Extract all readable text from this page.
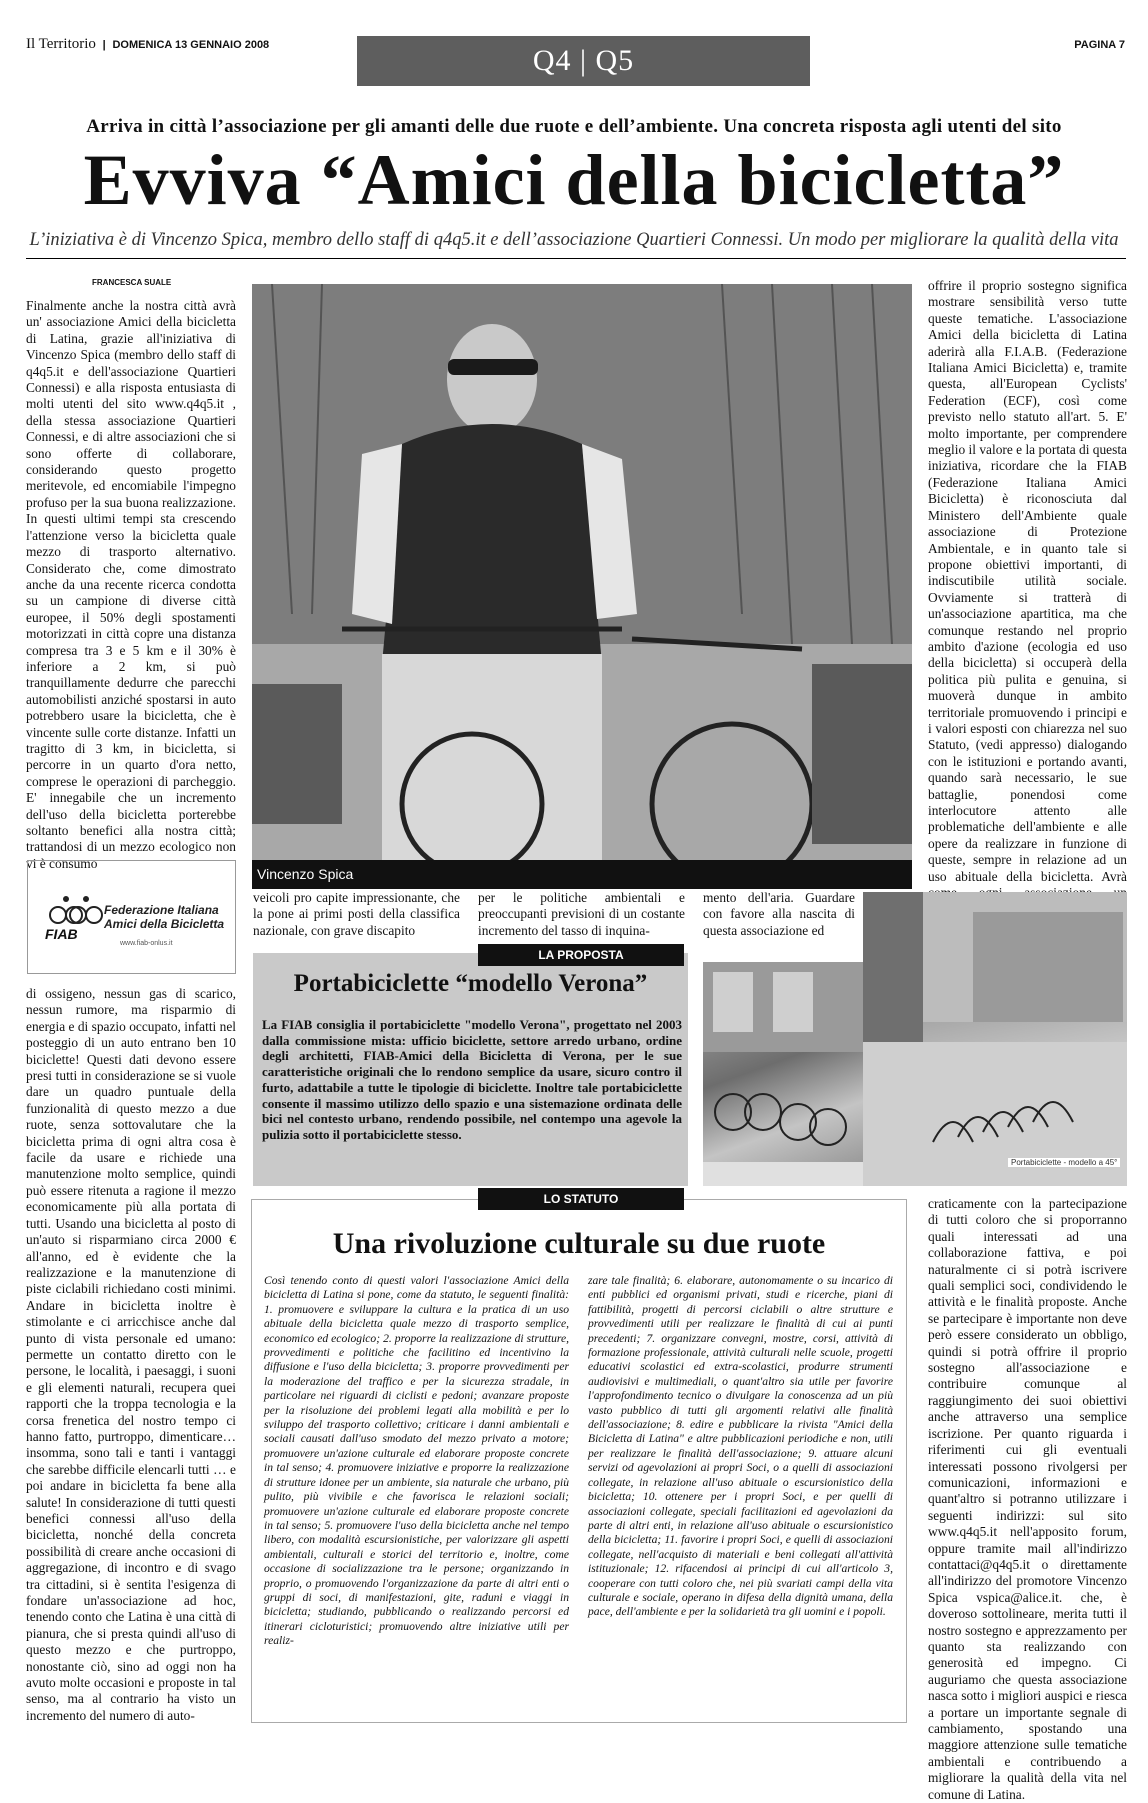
Il Territorio | DOMENICA 13 GENNAIO 2008	Q4 | Q5	PAGINA 7
Arriva in città l’associazione per gli amanti delle due ruote e dell’ambiente. Una concreta risposta agli utenti del sito
Evviva “Amici della bicicletta”
L’iniziativa è di Vincenzo Spica, membro dello staff di q4q5.it e dell’associazione Quartieri Connessi. Un modo per migliorare la qualità della vita
FRANCESCA SUALE
Finalmente anche la nostra città avrà un' associazione Amici della bicicletta di Latina, grazie all'iniziativa di Vincenzo Spica (membro dello staff di q4q5.it e dell'associazione Quartieri Connessi) e alla risposta entusiasta di molti utenti del sito www.q4q5.it , della stessa associazione Quartieri Connessi, e di altre associazioni che si sono offerte di collaborare, considerando questo progetto meritevole, ed encomiabile l'impegno profuso per la sua buona realizzazione. In questi ultimi tempi sta crescendo l'attenzione verso la bicicletta quale mezzo di trasporto alternativo. Considerato che, come dimostrato anche da una recente ricerca condotta su un campione di diverse città europee, il 50% degli spostamenti motorizzati in città copre una distanza compresa tra 3 e 5 km e il 30% è inferiore a 2 km, si può tranquillamente dedurre che parecchi automobilisti anziché spostarsi in auto potrebbero usare la bicicletta, che è vincente sulle corte distanze. Infatti un tragitto di 3 km, in bicicletta, si percorre in un quarto d'ora netto, comprese le operazioni di parcheggio. E' innegabile che un incremento dell'uso della bicicletta porterebbe soltanto benefici alla nostra città; trattandosi di un mezzo ecologico non vi è consumo
Vincenzo Spica
FIAB
Federazione Italiana
Amici della Bicicletta
www.fiab-onlus.it
di ossigeno, nessun gas di scarico, nessun rumore, ma risparmio di energia e di spazio occupato, infatti nel posteggio di un auto entrano ben 10 biciclette! Questi dati devono essere presi tutti in considerazione se si vuole dare un quadro puntuale della funzionalità di questo mezzo a due ruote, senza sottovalutare che la bicicletta prima di ogni altra cosa è facile da usare e richiede una manutenzione molto semplice, quindi può essere ritenuta a ragione il mezzo economicamente più alla portata di tutti. Usando una bicicletta al posto di un'auto si risparmiano circa 2000 € all'anno, ed è evidente che la realizzazione e la manutenzione di piste ciclabili richiedano costi minimi. Andare in bicicletta inoltre è stimolante e ci arricchisce anche dal punto di vista personale ed umano: permette un contatto diretto con le persone, le località, i paesaggi, i suoni e gli elementi naturali, recupera quei rapporti che la troppa tecnologia e la corsa frenetica del nostro tempo ci hanno fatto, purtroppo, dimenticare… insomma, sono tali e tanti i vantaggi che sarebbe difficile elencarli tutti … e poi andare in bicicletta fa bene alla salute! In considerazione di tutti questi benefici connessi all'uso della bicicletta, nonché della concreta possibilità di creare anche occasioni di aggregazione, di incontro e di svago tra cittadini, si è sentita l'esigenza di fondare un'associazione ad hoc, tenendo conto che Latina è una città di pianura, che si presta quindi all'uso di questo mezzo e che purtroppo, nonostante ciò, sino ad oggi non ha avuto molte occasioni e proposte in tal senso, ma al contrario ha visto un incremento del numero di auto-
veicoli pro capite impressionante, che la pone ai primi posti della classifica nazionale, con grave discapito
per le politiche ambientali e preoccupanti previsioni di un costante incremento del tasso di inquina-
mento dell'aria. Guardare con favore alla nascita di questa associazione ed
offrire il proprio sostegno significa mostrare sensibilità verso tutte queste tematiche. L'associazione Amici della bicicletta di Latina aderirà alla F.I.A.B. (Federazione Italiana Amici Bicicletta) e, tramite questa, all'European Cyclists' Federation (ECF), così come previsto nello statuto all'art. 5. E' molto importante, per comprendere meglio il valore e la portata di questa iniziativa, ricordare che la FIAB (Federazione Italiana Amici Bicicletta) è riconosciuta dal Ministero dell'Ambiente quale associazione di Protezione Ambientale, e in quanto tale si propone obiettivi importanti, di indiscutibile utilità sociale. Ovviamente si tratterà di un'associazione apartitica, ma che comunque restando nel proprio ambito d'azione (ecologia ed uso della bicicletta) si occuperà della politica più pulita e genuina, si muoverà dunque in ambito territoriale promuovendo i principi e i valori esposti con chiarezza nel suo Statuto, (vedi appresso) dialogando con le istituzioni e portando avanti, quando sarà necessario, le sue battaglie, ponendosi come interlocutore attento alle problematiche dell'ambiente e alle opere da realizzare in funzione di queste, sempre in relazione ad un uso abituale della bicicletta. Avrà
craticamente con la partecipazione di tutti coloro che si proporranno quali interessati ad una collaborazione fattiva, e poi naturalmente ci si potrà iscrivere quali semplici soci, condividendo le attività e le finalità proposte. Anche se partecipare è importante non deve però essere considerato un obbligo, quindi si potrà offrire il proprio sostegno all'associazione e contribuire comunque al raggiungimento dei suoi obiettivi anche attraverso una semplice iscrizione. Per quanto riguarda i riferimenti cui gli eventuali interessati possono rivolgersi per comunicazioni, informazioni e quant'altro si potranno utilizzare i seguenti indirizzi: sul sito www.q4q5.it nell'apposito forum, oppure tramite mail all'indirizzo contattaci@q4q5.it o direttamente all'indirizzo del promotore Vincenzo Spica vspica@alice.it. che, è doveroso sottolineare, merita tutti il nostro sostegno e apprezzamento per quanto sta realizzando con generosità ed impegno. Ci auguriamo che questa associazione nasca sotto i migliori auspici e riesca a portare un importante segnale di cambiamento, spostando una maggiore attenzione sulle tematiche ambientali e contribuendo a migliorare la qualità della vita nel comune di Latina.
LA PROPOSTA
Portabiciclette “modello Verona”
La FIAB consiglia il portabiciclette "modello Verona", progettato nel 2003 dalla commissione mista: ufficio biciclette, settore arredo urbano, ordine degli architetti, FIAB-Amici della Bicicletta di Verona, per le sue caratteristiche originali che lo rendono semplice da usare, sicuro contro il furto, adattabile a tutte le tipologie di biciclette. Inoltre tale portabiciclette consente il massimo utilizzo dello spazio e una sistemazione ordinata delle bici nel contesto urbano, rendendo possibile, nel contempo una agevole la pulizia sotto il portabiciclette stesso.
Portabiciclette - modello a 45°
LO STATUTO
Una rivoluzione culturale su due ruote
Così tenendo conto di questi valori l'associazione Amici della bicicletta di Latina si pone, come da statuto, le seguenti finalità: 1. promuovere e sviluppare la cultura e la pratica di un uso abituale della bicicletta quale mezzo di trasporto semplice, economico ed ecologico; 2. proporre la realizzazione di strutture, provvedimenti e politiche che facilitino ed incentivino la diffusione e l'uso della bicicletta; 3. proporre provvedimenti per la moderazione del traffico e per la sicurezza stradale, in particolare nei riguardi di ciclisti e pedoni; avanzare proposte per la risoluzione dei problemi legati alla mobilità e per lo sviluppo del trasporto collettivo; criticare i danni ambientali e sociali causati dall'uso smodato del mezzo privato a motore; promuovere un'azione culturale ed elaborare proposte concrete in tal senso; 4. promuovere iniziative e proporre la realizzazione di strutture idonee per un ambiente, sia naturale che urbano, più pulito, più vivibile e che favorisca le relazioni sociali; promuovere un'azione culturale ed elaborare proposte concrete in tal senso; 5. promuovere l'uso della bicicletta anche nel tempo libero, con modalità escursionistiche, per valorizzare gli aspetti ambientali, culturali e storici del territorio e, inoltre, come occasione di socializzazione tra le persone; organizzando in proprio, o promuovendo l'organizzazione da parte di altri enti o gruppi di soci, di manifestazioni, gite, raduni e viaggi in bicicletta; studiando, pubblicando o realizzando percorsi ed itinerari cicloturistici; promuovendo altre iniziative utili per realiz-
zare tale finalità; 6. elaborare, autonomamente o su incarico di enti pubblici ed organismi privati, studi e ricerche, piani di fattibilità, progetti di percorsi ciclabili o altre strutture e provvedimenti utili per realizzare le finalità di cui ai punti precedenti; 7. organizzare convegni, mostre, corsi, attività di formazione professionale, attività culturali nelle scuole, progetti educativi scolastici ed extra-scolastici, produrre strumenti audiovisivi e multimediali, o quant'altro sia utile per favorire l'approfondimento tecnico o divulgare la conoscenza ad un più vasto pubblico di tutti gli argomenti relativi alle finalità dell'associazione; 8. edire e pubblicare la rivista "Amici della Bicicletta di Latina" e altre pubblicazioni periodiche e non, utili per realizzare le finalità dell'associazione; 9. attuare alcuni servizi od agevolazioni ai propri Soci, o a quelli di associazioni collegate, in relazione all'uso abituale o escursionistico della bicicletta; 10. ottenere per i propri Soci, e per quelli di associazioni collegate, speciali facilitazioni ed agevolazioni da parte di altri enti, in relazione all'uso abituale o escursionistico della bicicletta; 11. favorire i propri Soci, e quelli di associazioni collegate, nell'acquisto di materiali e beni collegati all'attività istituzionale; 12. rifacendosi ai principi di cui all'articolo 3, cooperare con tutti coloro che, nei più svariati campi della vita culturale e sociale, operano in difesa della dignità umana, della pace, dell'ambiente e per la solidarietà tra gli uomini e i popoli.
